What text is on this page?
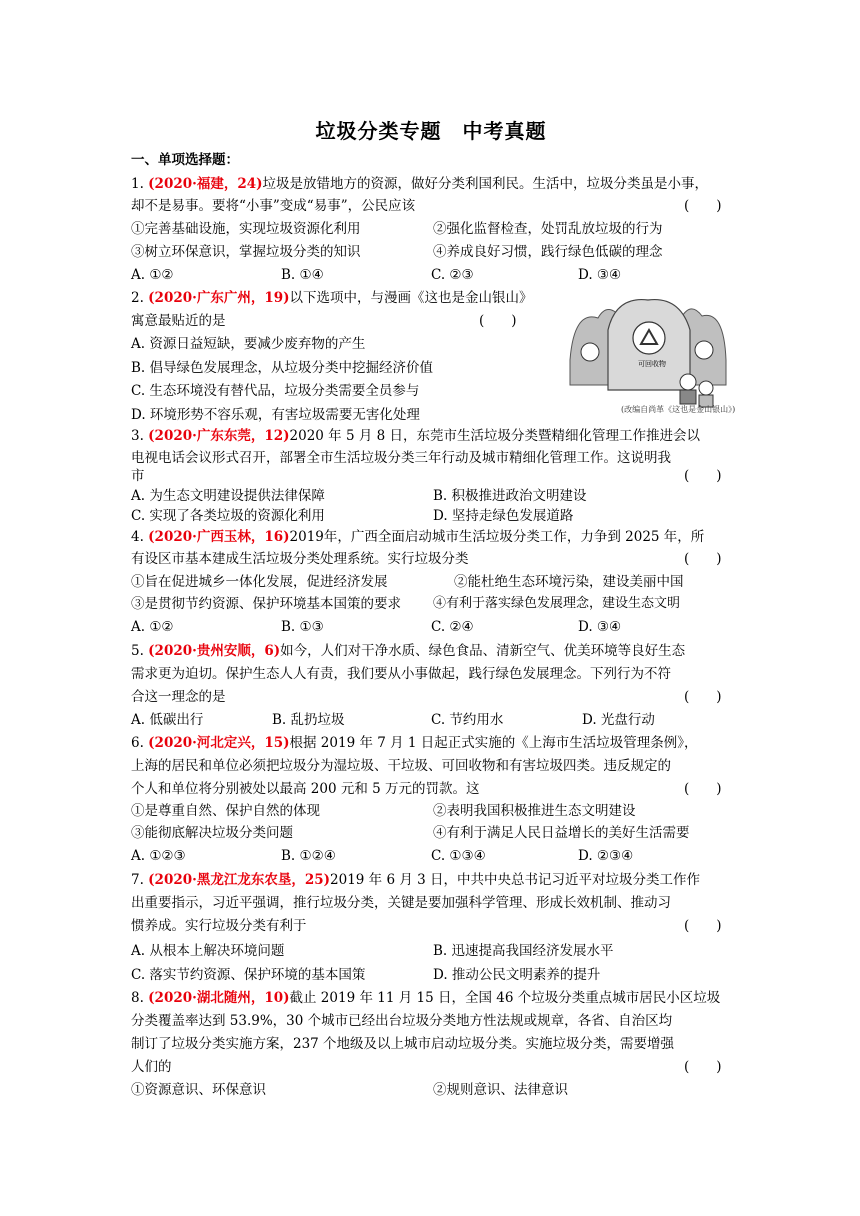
垃圾分类专题　中考真题
一、单项选择题：
1. (2020·福建，24)垃圾是放错地方的资源，做好分类利国利民。生活中，垃圾分类虽是小事，
却不是易事。要将“小事”变成“易事”，公民应该	(　　)
①完善基础设施，实现垃圾资源化利用	②强化监督检查，处罚乱放垃圾的行为
③树立环保意识，掌握垃圾分类的知识	④养成良好习惯，践行绿色低碳的理念
A. ①②	B. ①④	C. ②③	D. ③④
2. (2020·广东广州，19)以下选项中，与漫画《这也是金山银山》
寓意最贴近的是	(　　)
A. 资源日益短缺，要减少废弃物的产生
B. 倡导绿色发展理念，从垃圾分类中挖掘经济价值
C. 生态环境没有替代品，垃圾分类需要全员参与
D. 环境形势不容乐观，有害垃圾需要无害化处理
可回收物
(改编自尚革《这也是金山银山》)
3. (2020·广东东莞，12)2020 年 5 月 8 日，东莞市生活垃圾分类暨精细化管理工作推进会以
电视电话会议形式召开，部署全市生活垃圾分类三年行动及城市精细化管理工作。这说明我
市	(　　)
A. 为生态文明建设提供法律保障	B. 积极推进政治文明建设
C. 实现了各类垃圾的资源化利用	D. 坚持走绿色发展道路
4. (2020·广西玉林，16)2019年，广西全面启动城市生活垃圾分类工作，力争到 2025 年，所
有设区市基本建成生活垃圾分类处理系统。实行垃圾分类	(　　)
①旨在促进城乡一体化发展，促进经济发展	②能杜绝生态环境污染，建设美丽中国
③是贯彻节约资源、保护环境基本国策的要求 ④有利于落实绿色发展理念，建设生态文明
A. ①②	B. ①③	C. ②④	D. ③④
5. (2020·贵州安顺，6)如今，人们对干净水质、绿色食品、清新空气、优美环境等良好生态
需求更为迫切。保护生态人人有责，我们要从小事做起，践行绿色发展理念。下列行为不符
合这一理念的是	(　　)
A. 低碳出行	B. 乱扔垃圾	C. 节约用水	D. 光盘行动
6. (2020·河北定兴，15)根据 2019 年 7 月 1 日起正式实施的《上海市生活垃圾管理条例》，
上海的居民和单位必须把垃圾分为湿垃圾、干垃圾、可回收物和有害垃圾四类。违反规定的
个人和单位将分别被处以最高 200 元和 5 万元的罚款。这	(　　)
①是尊重自然、保护自然的体现	②表明我国积极推进生态文明建设
③能彻底解决垃圾分类问题	④有利于满足人民日益增长的美好生活需要
A. ①②③	B. ①②④	C. ①③④	D. ②③④
7. (2020·黑龙江龙东农垦，25)2019 年 6 月 3 日，中共中央总书记习近平对垃圾分类工作作
出重要指示，习近平强调，推行垃圾分类，关键是要加强科学管理、形成长效机制、推动习
惯养成。实行垃圾分类有利于	(　　)
A. 从根本上解决环境问题	B. 迅速提高我国经济发展水平
C. 落实节约资源、保护环境的基本国策	D. 推动公民文明素养的提升
8. (2020·湖北随州，10)截止 2019 年 11 月 15 日，全国 46 个垃圾分类重点城市居民小区垃圾
分类覆盖率达到 53.9%，30 个城市已经出台垃圾分类地方性法规或规章，各省、自治区均
制订了垃圾分类实施方案，237 个地级及以上城市启动垃圾分类。实施垃圾分类，需要增强
人们的	(　　)
①资源意识、环保意识	②规则意识、法律意识
